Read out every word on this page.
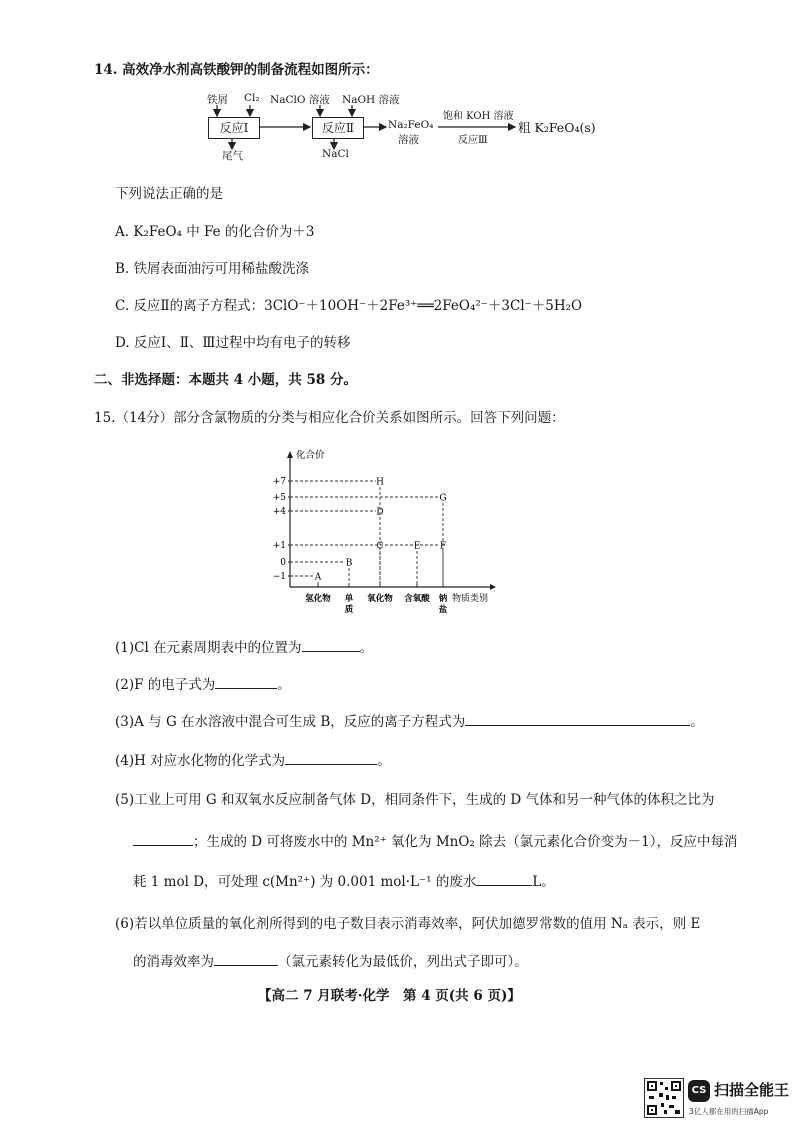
14. 高效净水剂高铁酸钾的制备流程如图所示：
铁屑 Cl₂ NaClO 溶液 NaOH 溶液
反应Ⅰ	反应Ⅱ
尾气	NaCl
Na₂FeO₄
溶液
饱和 KOH 溶液
反应Ⅲ
粗 K₂FeO₄(s)
下列说法正确的是
A. K₂FeO₄ 中 Fe 的化合价为＋3
B. 铁屑表面油污可用稀盐酸洗涤
C. 反应Ⅱ的离子方程式：3ClO⁻＋10OH⁻＋2Fe³⁺══2FeO₄²⁻＋3Cl⁻＋5H₂O
D. 反应Ⅰ、Ⅱ、Ⅲ过程中均有电子的转移
二、非选择题：本题共 4 小题，共 58 分。
15.（14分）部分含氯物质的分类与相应化合价关系如图所示。回答下列问题：
化合价
物质类别
+7
+5
+4
+1
0
−1
氢化物 单
质
氧化物 含氧酸 钠
盐
A
B
C
D
E F
G
H
(1)Cl 在元素周期表中的位置为	。
(2)F 的电子式为	。
(3)A 与 G 在水溶液中混合可生成 B，反应的离子方程式为	。
(4)H 对应水化物的化学式为	。
(5)工业上可用 G 和双氧水反应制备气体 D，相同条件下，生成的 D 气体和另一种气体的体积之比为
；生成的 D 可将废水中的 Mn²⁺ 氧化为 MnO₂ 除去（氯元素化合价变为－1），反应中每消
耗 1 mol D，可处理 c(Mn²⁺) 为 0.001 mol·L⁻¹ 的废水	L。
(6)若以单位质量的氧化剂所得到的电子数目表示消毒效率，阿伏加德罗常数的值用 Nₐ 表示，则 E
的消毒效率为	（氯元素转化为最低价，列出式子即可）。
【高二 7 月联考·化学　第 4 页(共 6 页)】
CS 扫描全能王
3亿人都在用的扫描App
